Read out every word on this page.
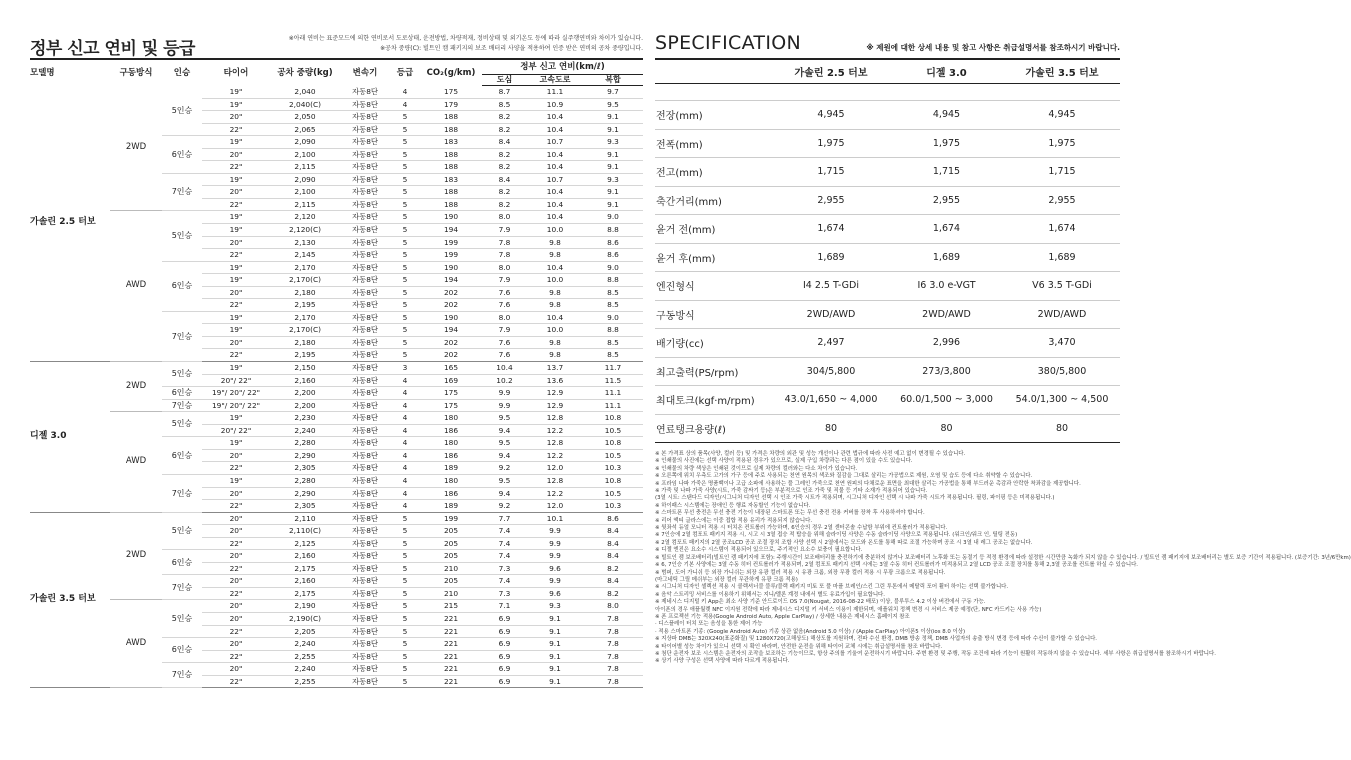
정부 신고 연비 및 등급
※아래 연비는 표준모드에 의한 연비로서 도로상태, 운전방법, 차량적재, 정비상태 및 외기온도 등에 따라 실주행연비와 차이가 있습니다.
※공차 중량(C): 빌트인 캠 패키지의 보조 배터리 사양을 적용하여 인증 받은 연비의 공차 중량입니다.
모델명	구동방식	인승	타이어	공차 중량(kg)	변속기	등급	CO₂(g/km)	정부 신고 연비(km/ℓ)		
								도심	고속도로	복합
가솔린 2.5 터보	2WD	5인승	19"	2,040	자동8단	4	175	8.7	11.1	9.7
			19"	2,040(C)	자동8단	4	179	8.5	10.9	9.5
			20"	2,050	자동8단	5	188	8.2	10.4	9.1
			22"	2,065	자동8단	5	188	8.2	10.4	9.1
		6인승	19"	2,090	자동8단	5	183	8.4	10.7	9.3
			20"	2,100	자동8단	5	188	8.2	10.4	9.1
			22"	2,115	자동8단	5	188	8.2	10.4	9.1
		7인승	19"	2,090	자동8단	5	183	8.4	10.7	9.3
			20"	2,100	자동8단	5	188	8.2	10.4	9.1
			22"	2,115	자동8단	5	188	8.2	10.4	9.1
	AWD	5인승	19"	2,120	자동8단	5	190	8.0	10.4	9.0
			19"	2,120(C)	자동8단	5	194	7.9	10.0	8.8
			20"	2,130	자동8단	5	199	7.8	9.8	8.6
			22"	2,145	자동8단	5	199	7.8	9.8	8.6
		6인승	19"	2,170	자동8단	5	190	8.0	10.4	9.0
			19"	2,170(C)	자동8단	5	194	7.9	10.0	8.8
			20"	2,180	자동8단	5	202	7.6	9.8	8.5
			22"	2,195	자동8단	5	202	7.6	9.8	8.5
		7인승	19"	2,170	자동8단	5	190	8.0	10.4	9.0
			19"	2,170(C)	자동8단	5	194	7.9	10.0	8.8
			20"	2,180	자동8단	5	202	7.6	9.8	8.5
			22"	2,195	자동8단	5	202	7.6	9.8	8.5
디젤 3.0	2WD	5인승	19"	2,150	자동8단	3	165	10.4	13.7	11.7
			20"/ 22"	2,160	자동8단	4	169	10.2	13.6	11.5
		6인승	19"/ 20"/ 22"	2,200	자동8단	4	175	9.9	12.9	11.1
		7인승	19"/ 20"/ 22"	2,200	자동8단	4	175	9.9	12.9	11.1
	AWD	5인승	19"	2,230	자동8단	4	180	9.5	12.8	10.8
			20"/ 22"	2,240	자동8단	4	186	9.4	12.2	10.5
		6인승	19"	2,280	자동8단	4	180	9.5	12.8	10.8
			20"	2,290	자동8단	4	186	9.4	12.2	10.5
			22"	2,305	자동8단	4	189	9.2	12.0	10.3
		7인승	19"	2,280	자동8단	4	180	9.5	12.8	10.8
			20"	2,290	자동8단	4	186	9.4	12.2	10.5
			22"	2,305	자동8단	4	189	9.2	12.0	10.3
가솔린 3.5 터보	2WD	5인승	20"	2,110	자동8단	5	199	7.7	10.1	8.6
			20"	2,110(C)	자동8단	5	205	7.4	9.9	8.4
			22"	2,125	자동8단	5	205	7.4	9.9	8.4
		6인승	20"	2,160	자동8단	5	205	7.4	9.9	8.4
			22"	2,175	자동8단	5	210	7.3	9.6	8.2
		7인승	20"	2,160	자동8단	5	205	7.4	9.9	8.4
			22"	2,175	자동8단	5	210	7.3	9.6	8.2
	AWD	5인승	20"	2,190	자동8단	5	215	7.1	9.3	8.0
			20"	2,190(C)	자동8단	5	221	6.9	9.1	7.8
			22"	2,205	자동8단	5	221	6.9	9.1	7.8
		6인승	20"	2,240	자동8단	5	221	6.9	9.1	7.8
			22"	2,255	자동8단	5	221	6.9	9.1	7.8
		7인승	20"	2,240	자동8단	5	221	6.9	9.1	7.8
			22"	2,255	자동8단	5	221	6.9	9.1	7.8
SPECIFICATION	※ 제원에 대한 상세 내용 및 참고 사항은 취급설명서를 참조하시기 바랍니다.
	가솔린 2.5 터보	디젤 3.0	가솔린 3.5 터보

전장(mm)	4,945	4,945	4,945
전폭(mm)	1,975	1,975	1,975
전고(mm)	1,715	1,715	1,715
축간거리(mm)	2,955	2,955	2,955
윤거 전(mm)	1,674	1,674	1,674
윤거 후(mm)	1,689	1,689	1,689
엔진형식	I4 2.5 T-GDi	I6 3.0 e-VGT	V6 3.5 T-GDi
구동방식	2WD/AWD	2WD/AWD	2WD/AWD
배기량(cc)	2,497	2,996	3,470
최고출력(PS/rpm)	304/5,800	273/3,800	380/5,800
최대토크(kgf·m/rpm)	43.0/1,650 ~ 4,000	60.0/1,500 ~ 3,000	54.0/1,300 ~ 4,500
연료탱크용량(ℓ)	80	80	80
※ 본 가격표 상의 품목(사양, 컬러 등) 및 가격은 차량의 외관 및 성능 개선이나 관련 법규에 따라 사전 예고 없이 변경될 수 있습니다.
※ 인쇄물의 사진에는 선택 사양이 적용된 경우가 있으므로, 실제 구입 차량과는 다른 점이 있을 수도 있습니다.
※ 인쇄물의 차량 색상은 인쇄된 것이므로 실제 차량의 컬러와는 다소 차이가 있습니다.
※ 오른쪽에 위치 우측도 고가의 가구 등에 주로 사용되는 천연 원목의 색조와 질감을 그대로 살리는 가공법으로 제원, 오염 및 습도 등에 다소 취약할 수 있습니다.
※ 프라임 나파 가죽은 명품백이나 고급 소파에 사용하는 풀 그레인 가죽으로 천연 원피의 다채로운 표면을 최대한 살리는 가공법을 통해 부드러운 촉감과 안락한 착좌감을 제공합니다.
※ 가죽 및 나파 가죽 사양(시트, 가죽 감싸기 등)은 부분적으로 인조 가죽 및 직물 등 기타 소재가 적용되어 있습니다.
(3열 시트: 스탠다드 디자인/시그니처 디자인 선택 시 인조 가죽 시트가 적용되며, 시그니처 디자인 선택 시 나파 가죽 시트가 적용됩니다. 필링, 파이핑 등은 미적용됩니다.)
※ 하이패스 시스템에는 장애인 등 행료 자동할인 기능이 없습니다.
※ 스마트폰 무선 충전은 무선 충전 기능이 내장된 스마트폰 또는 무선 충전 전용 커버를 장착 후 사용하셔야 합니다.
※ 리어 액티 글라스에는 이중 접합 적용 유리가 적용되지 않습니다.
※ 뒷좌석 듀얼 모니터 적용 시 터치온 컨트롤러 가능하며, 6인승의 경우 2열 센터콘솔 수납함 부위에 컨트롤러가 적용됩니다.
※ 7인승에 2열 컴포트 패키지 적용 시, 시고 시 3열 접승 적 탑승을 위해 슬라이딩 사양은 수동 슬라이딩 사양으로 적용됩니다. (워크인/워크 인, 틸팅 전동)
※ 2열 컴포트 패키지의 2열 공조LCD 공조 조절 장치 조합 사양 선택 시 2열에서는 모드와 온도를 통해 따로 조절 가능하며 공조 시 3열 내 레그 공조는 없습니다.
※ 디젤 엔진은 요소수 시스템이 적용되어 있으므로, 주기적인 요소수 보충이 필요합니다.
※ 빌트인 캠 보조배터리(빌트인 캠 패키지에 포함): 주행시간이 보조배터리를 충전하기에 충분하지 않거나 보조배터리 노후화 또는 동절기 등 적정 환경에 따라 설정한 시간만큼 녹화가 되지 않을 수 있습니다. / 빌트인 캠 패키지에 보조배터리는 별도 보증 기간이 적용됩니다. (보증기간: 3년/6만km)
※ 6, 7인승 기본 사양에는 3열 수동 히터 컨트롤러가 적용되며, 2열 컴포트 패키지 선택 시에는 3열 수동 히터 컨트롤러가 미적용되고 2열 LCD 공조 조절 장치를 통해 2,3열 공조를 컨트롤 하실 수 있습니다.
※ 범퍼, 도어 가니쉬 등 외장 가니쉬는 외장 유광 컬러 적용 시 유광 크롬, 외장 무광 컬러 적용 시 무광 크롬으로 적용됩니다.
(마그네틱 그릴 메쉬부는 외장 컬러 무관하게 유광 크롬 적용)
※ 시그니처 디자인 셀렉션 적용 시 콜렉셔너블 블루/블랙 패키지 미토 또 풀 마플 브레인/스킨 그린 투톤에서 메탈릭 포어 휠터 하이는 선택 불가합니다.
※ 음악 스트리밍 서비스를 이용하기 위해서는 지니/멜론 계정 내에서 별도 유료가입이 필요합니다.
※ 제네시스 디지털 키 App은 최소 사양 기준 안드로이드 OS 7.0(Nougat, 2016-08-22 배포) 이상, 블루투스 4.2 이상 버전에서 구동 가능.
아이폰의 경우 애플월렛 NFC 이지원 전략에 따라 제네시스 디지털 키 서비스 이용이 제한되며, 애플워치 정책 변경 시 서비스 제공 예정(단, NFC 카드키는 사용 가능)
※ 폰 프로젝션 기능 적용(Google Android Auto, Apple CarPlay) / 상세한 내용은 제네시스 홈페이지 참조
· 디스플레이 터치 또는 음성을 통한 제어 가능
· 적용 스마트폰 기종: (Google Android Auto) 기종 상관 없음(Android 5.0 이상) / (Apple CarPlay) 아이폰5 이상(ios 8.0 이상)
※ 지상파 DMB는 320X240(표준화질) 및 1280X720(고해상도) 해상도를 지원하며, 전파 수신 환경, DMB 방송 정책, DMB 사업자의 송출 방식 변경 등에 따라 수신이 불가할 수 있습니다.
※ 타이어별 성능 차이가 있으니 선택 시 확인 바라며, 안전한 운전을 위해 타이어 교체 시에는 취급설명서를 참조 바랍니다.
※ 첨단 운전자 보조 시스템은 운전자의 조작을 보조하는 기능이므로, 항상 주의를 기울여 운전하시기 바랍니다. 주변 환경 및 주행, 작동 조건에 따라 기능이 원활히 작동하지 않을 수 있습니다. 세부 사항은 취급설명서를 참조하시기 바랍니다.
※ 상기 사양 구성은 선택 사양에 따라 다르게 적용됩니다.
